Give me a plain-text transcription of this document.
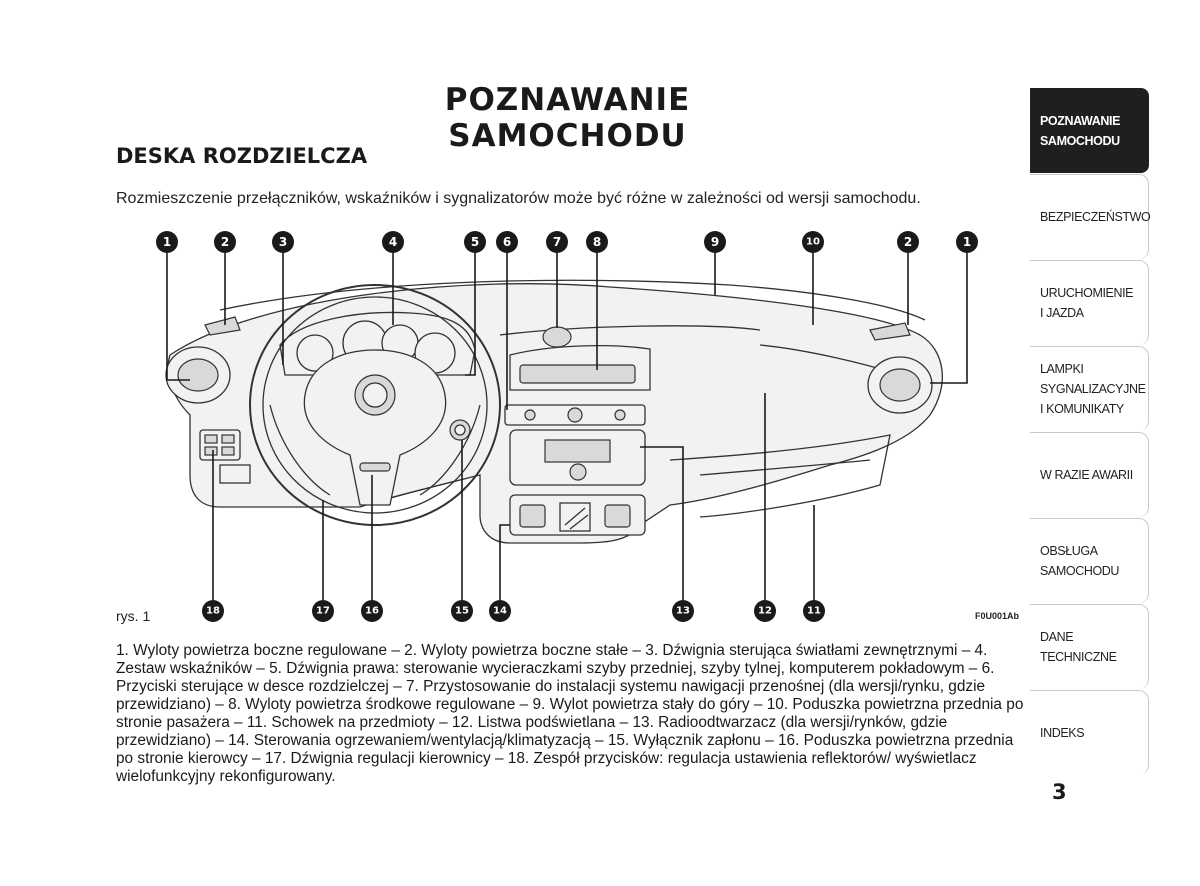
POZNAWANIE SAMOCHODU
DESKA ROZDZIELCZA
Rozmieszczenie przełączników, wskaźników i sygnalizatorów może być różne w zależności od wersji samochodu.
1	2	3	4	5 6	7	8	9	10	2	1
18	17	16	15 14	13	12	11
rys. 1	F0U001Ab
1. Wyloty powietrza boczne regulowane – 2. Wyloty powietrza boczne stałe – 3. Dźwignia sterująca światłami zewnętrznymi – 4. Zestaw wskaźników – 5. Dźwignia prawa: sterowanie wycieraczkami szyby przedniej, szyby tylnej, komputerem pokładowym – 6. Przyciski sterujące w desce rozdzielczej – 7. Przystosowanie do instalacji systemu nawigacji przenośnej (dla wersji/rynku, gdzie przewidziano) – 8. Wyloty powietrza środkowe regulowane – 9. Wylot powietrza stały do góry – 10. Poduszka powietrzna przednia po stronie pasażera – 11. Schowek na przedmioty – 12. Listwa podświetlana – 13. Radioodtwarzacz (dla wersji/rynków, gdzie przewidziano) – 14. Sterowania ogrzewaniem/wentylacją/klimatyzacją – 15. Wyłącznik zapłonu – 16. Poduszka powietrzna przednia po stronie kierowcy – 17. Dźwignia regulacji kierownicy – 18. Zespół przycisków: regulacja ustawienia reflektorów/ wyświetlacz wielofunkcyjny rekonfigurowany.
POZNAWANIE
SAMOCHODU
BEZPIECZEŃSTWO
URUCHOMIENIE
I JAZDA
LAMPKI
SYGNALIZACYJNE
I KOMUNIKATY
W RAZIE AWARII
OBSŁUGA
SAMOCHODU
DANE
TECHNICZNE
INDEKS
3
